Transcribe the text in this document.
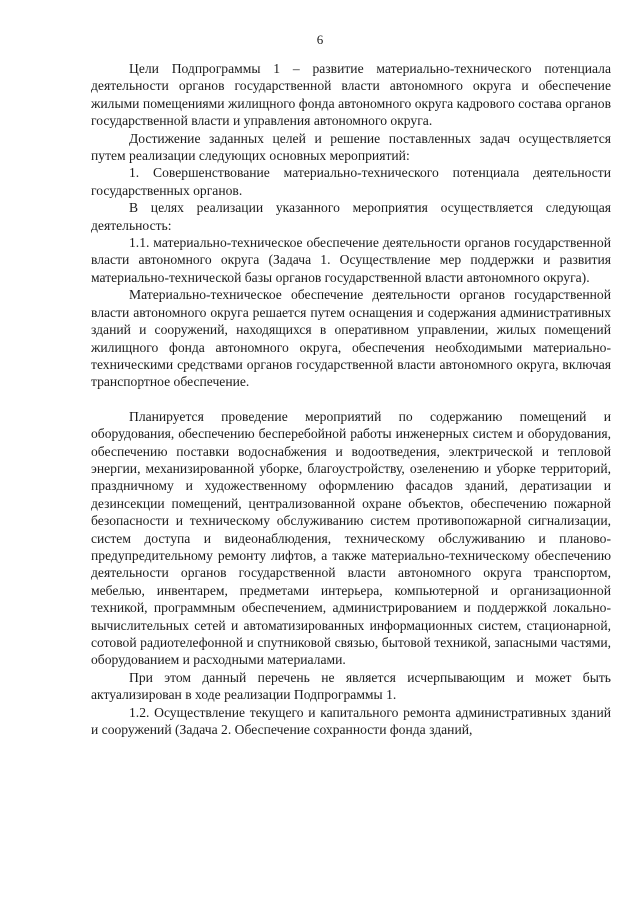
6

Цели Подпрограммы 1 – развитие материально-технического потенциала деятельности органов государственной власти автономного округа и обеспечение жилыми помещениями жилищного фонда автономного округа кадрового состава органов государственной власти и управления автономного округа.

Достижение заданных целей и решение поставленных задач осуществляется путем реализации следующих основных мероприятий:

1. Совершенствование материально-технического потенциала деятельности государственных органов.

В целях реализации указанного мероприятия осуществляется следующая деятельность:

1.1. материально-техническое обеспечение деятельности органов государственной власти автономного округа (Задача 1. Осуществление мер поддержки и развития материально-технической базы органов государственной власти автономного округа).

Материально-техническое обеспечение деятельности органов государственной власти автономного округа решается путем оснащения и содержания административных зданий и сооружений, находящихся в оперативном управлении, жилых помещений жилищного фонда автономного округа, обеспечения необходимыми материально-техническими средствами органов государственной власти автономного округа, включая транспортное обеспечение.

Планируется проведение мероприятий по содержанию помещений и оборудования, обеспечению бесперебойной работы инженерных систем и оборудования, обеспечению поставки водоснабжения и водоотведения, электрической и тепловой энергии, механизированной уборке, благоустройству, озеленению и уборке территорий, праздничному и художественному оформлению фасадов зданий, дератизации и дезинсекции помещений, централизованной охране объектов, обеспечению пожарной безопасности и техническому обслуживанию систем противопожарной сигнализации, систем доступа и видеонаблюдения, техническому обслуживанию и планово-предупредительному ремонту лифтов, а также материально-техническому обеспечению деятельности органов государственной власти автономного округа транспортом, мебелью, инвентарем, предметами интерьера, компьютерной и организационной техникой, программным обеспечением, администрированием и поддержкой локально-вычислительных сетей и автоматизированных информационных систем, стационарной, сотовой радиотелефонной и спутниковой связью, бытовой техникой, запасными частями, оборудованием и расходными материалами.

При этом данный перечень не является исчерпывающим и может быть актуализирован в ходе реализации Подпрограммы 1.

1.2. Осуществление текущего и капитального ремонта административных зданий и сооружений (Задача 2. Обеспечение сохранности фонда зданий,
